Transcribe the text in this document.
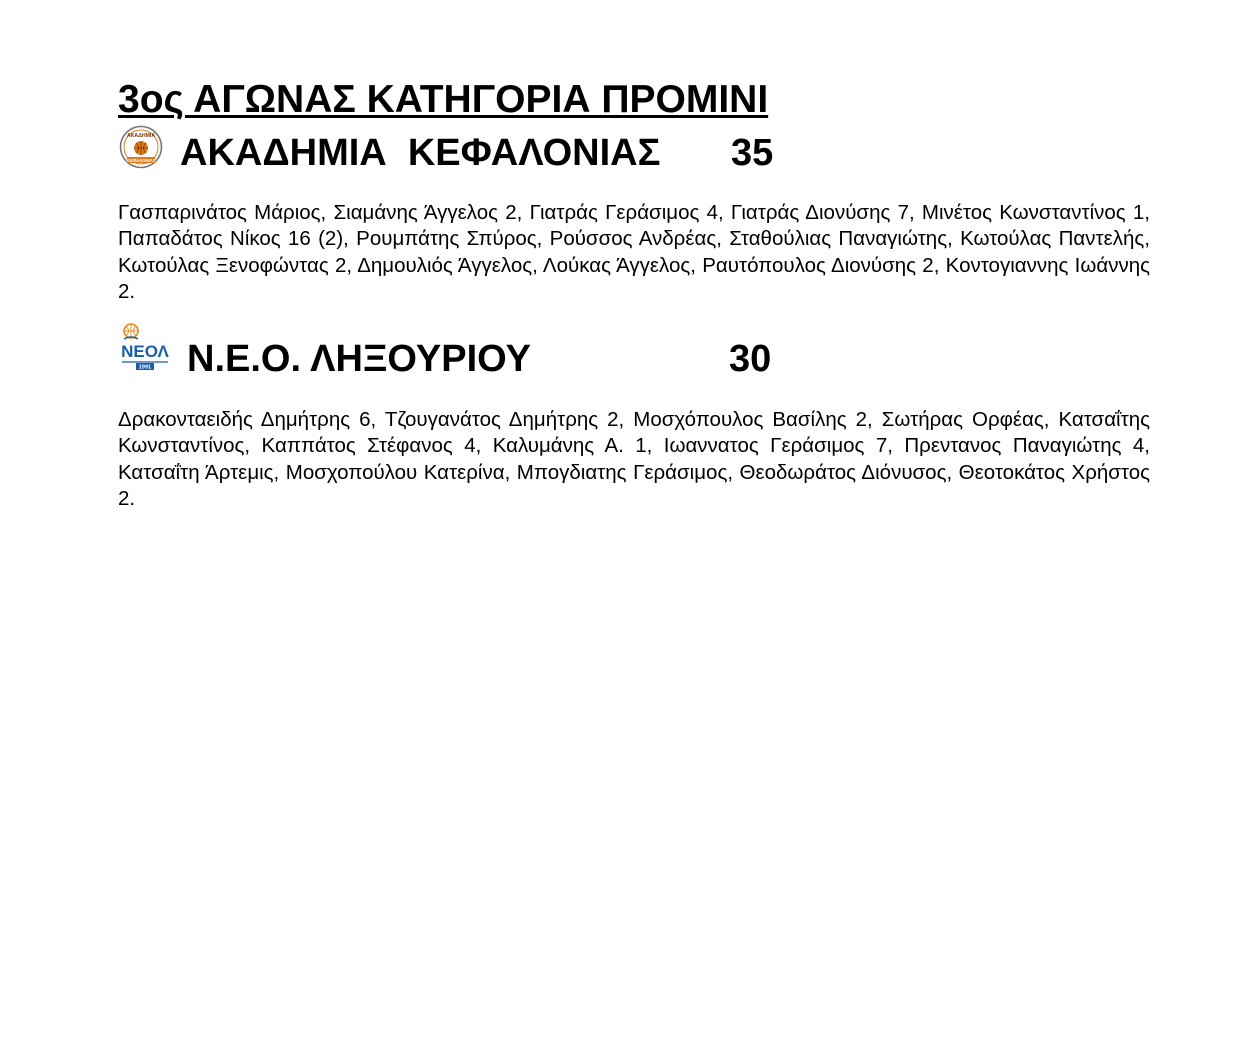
3ος ΑΓΩΝΑΣ ΚΑΤΗΓΟΡΙΑ ΠΡΟΜΙΝΙ
ΑΚΑΔΗΜΙΑ
ΚΕΦΑΛΟΝΙΑΣ ΑΚΑΔΗΜΙΑ  ΚΕΦΑΛΟΝΙΑΣ 35

Γασπαρινάτος Μάριος, Σιαμάνης Άγγελος 2, Γιατράς Γεράσιμος 4, Γιατράς Διονύσης 7, Μινέτος Κωνσταντίνος 1, Παπαδάτος Νίκος 16 (2), Ρουμπάτης Σπύρος, Ρούσσος Ανδρέας, Σταθούλιας Παναγιώτης, Κωτούλας Παντελής, Κωτούλας Ξενοφώντας 2, Δημουλιός Άγγελος, Λούκας Άγγελος, Ραυτόπουλος Διονύσης 2, Κοντογιαννης Ιωάννης 2.

ΝΕΟΛ
1991 Ν.Ε.Ο. ΛΗΞΟΥΡΙΟΥ	30

Δρακονταειδής Δημήτρης 6, Τζουγανάτος Δημήτρης 2, Μοσχόπουλος Βασίλης 2, Σωτήρας Ορφέας, Κατσαΐτης Κωνσταντίνος, Καππάτος Στέφανος 4, Καλυμάνης Α. 1, Ιωαννατος Γεράσιμος 7, Πρεντανος Παναγιώτης 4, Κατσαΐτη Άρτεμις, Μοσχοπούλου Κατερίνα, Μπογδιατης Γεράσιμος, Θεοδωράτος Διόνυσος, Θεοτοκάτος Χρήστος 2.
